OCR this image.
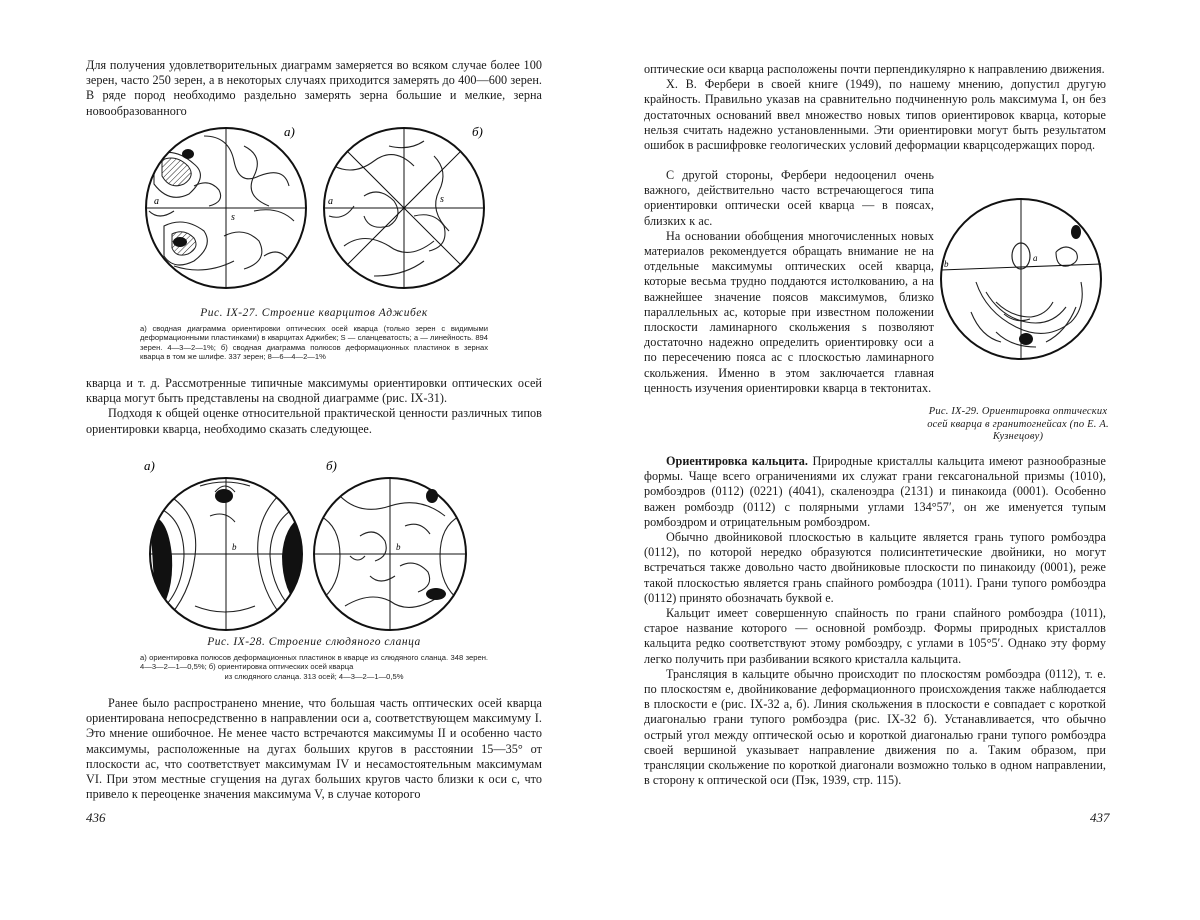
Для получения удовлетворительных диаграмм замеряется во всяком случае более 100 зерен, часто 250 зерен, а в некоторых случаях приходится замерять до 400—600 зерен. В ряде пород необходимо раздельно замерять зерна большие и мелкие, зерна новообразованного

a
s
а)
a	s
б)
Рис. IX-27. Строение кварцитов Аджибек
а) сводная диаграмма ориентировки оптических осей кварца (только зерен с видимыми деформационными пластинками) в кварцитах Аджибек; S — сланцеватость; a — линейность. 894 зерен. 4—3—2—1%; б) сводная диаграмма полюсов деформационных пластинок в зернах кварца в том же шлифе. 337 зерен; 8—6—4—2—1%

кварца и т. д. Рассмотренные типичные максимумы ориентировки оптических осей кварца могут быть представлены на сводной диаграмме (рис. IX-31).

Подходя к общей оценке относительной практической ценности различных типов ориентировки кварца, необходимо сказать следующее.

b
а)
b
б)
Рис. IX-28. Строение слюдяного сланца
а) ориентировка полюсов деформационных пластинок в кварце из слюдяного сланца. 348 зерен. 4—3—2—1—0,5%; б) ориентировка оптических осей кварца
из слюдяного сланца. 313 осей; 4—3—2—1—0,5%

Ранее было распространено мнение, что большая часть оптических осей кварца ориентирована непосредственно в направлении оси a, соответствующем максимуму I. Это мнение ошибочное. Не менее часто встречаются максимумы II и особенно часто максимумы, расположенные на дугах больших кругов в расстоянии 15—35° от плоскости ac, что соответствует максимумам IV и несамостоятельным максимумам VI. При этом местные сгущения на дугах больших кругов часто близки к оси c, что привело к переоценке значения максимума V, в случае которого

436

оптические оси кварца расположены почти перпендикулярно к направлению движения.

Х. В. Фербери в своей книге (1949), по нашему мнению, допустил другую крайность. Правильно указав на сравнительно подчиненную роль максимума I, он без достаточных оснований ввел множество новых типов ориентировок кварца, которые нельзя считать надежно установленными. Эти ориентировки могут быть результатом ошибок в расшифровке геологических условий деформации кварцсодержащих пород.

С другой стороны, Фербери недооценил очень важного, действительно часто встречающегося типа ориентировки оптически осей кварца — в поясах, близких к ac.

На основании обобщения многочисленных новых материалов рекомендуется обращать внимание не на отдельные максимумы оптических осей кварца, которые весьма трудно поддаются истолкованию, а на важнейшее значение поясов максимумов, близко параллельных ac, которые при известном положении плоскости ламинарного скольжения s позволяют достаточно надежно определить ориентировку оси a по пересечению пояса ac с плоскостью ламинарного скольжения. Именно в этом заключается главная ценность изучения ориентировки кварца в тектонитах.

b
a
Рис. IX-29. Ориентировка оптических осей кварца в гранитогнейсах (по Е. А. Кузнецову)

Ориентировка кальцита. Природные кристаллы кальцита имеют разнообразные формы. Чаще всего ограничениями их служат грани гексагональной призмы (1010), ромбоэдров (0112) (0221) (4041), скаленоэдра (2131) и пинакоида (0001). Особенно важен ромбоэдр (0112) с полярными углами 134°57′, он же именуется тупым ромбоэдром и отрицательным ромбоэдром.

Обычно двойниковой плоскостью в кальците является грань тупого ромбоэдра (0112), по которой нередко образуются полисинтетические двойники, но могут встречаться также довольно часто двойниковые плоскости по пинакоиду (0001), реже такой плоскостью является грань спайного ромбоэдра (1011). Грани тупого ромбоэдра (0112) принято обозначать буквой e.

Кальцит имеет совершенную спайность по грани спайного ромбоэдра (1011), старое название которого — основной ромбоэдр. Формы природных кристаллов кальцита редко соответствуют этому ромбоэдру, с углами в 105°5′. Однако эту форму легко получить при разбивании всякого кристалла кальцита.

Трансляция в кальците обычно происходит по плоскостям ромбоэдра (0112), т. е. по плоскостям e, двойникование деформационного происхождения также наблюдается в плоскости e (рис. IX-32 а, б). Линия скольжения в плоскости e совпадает с короткой диагональю грани тупого ромбоэдра (рис. IX-32 б). Устанавливается, что обычно острый угол между оптической осью и короткой диагональю грани тупого ромбоэдра своей вершиной указывает направление движения по a. Таким образом, при трансляции скольжение по короткой диагонали возможно только в одном направлении, в сторону к оптической оси (Пэк, 1939, стр. 115).

437
